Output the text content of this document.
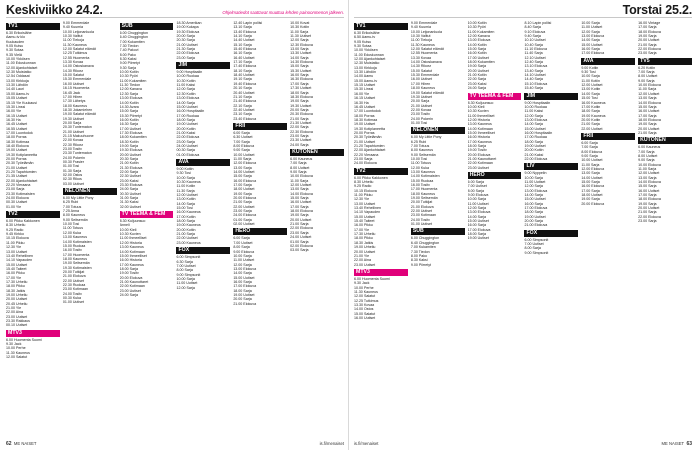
Keskiviikko 24.2.	Ohjelmatiedot saattavat muuttua lehden painoonmenon jälkeen.
TV1
6.30 Erikoislähe
Aamu-tv klo
Kuukauden
9.05 Kutsu
9.30 Sotaa
9.35 Vielä
10.00 Ykkösen
11.00 Eduskunnan
12.00 Ajankohtaiset
12.30 Muistatko
12.54 Oddasat
13.00 Kirkkoja
13.30 Lähdön
14.40 Lauri
15.00 Aamu-tv
15.05 Uutiset
15.15 Yle Kuukausi
15.30 Linssi
16.00 Yle
16.15 Uutiset
16.30 Ha
16.45 Uutiset
16.55 Uutiset
17.00 Luontodok
18.00 Porras
18.30 Kotimaa
18.40 Elokuva
19.00 Uutiset
19.30 Kotiplaneetta
20.00 Porras
20.30 Työelämän
21.00 Uutiset
21.20 Tapahtumien
21.35 Uutiset
22.00 Ajankohtaiset
22.20 Vieraana
23.00 Sarja
23.30 Kotimaisten
24.00 Elokuva
00.30 Uutiset
01.00 Yle
TV2
6.00 Pikku Kakkonen
8.30 Urheilu
9.25 Radio
9.45 Kirkko
10.15 Elokuva
11.00 Pikku
12.30 Yle
13.00 Uutiset
13.40 Rehellinen
14.10 Vapauden
15.00 Uutiset
15.40 Taiteet
16.00 Pikku
17.00 Yle
17.30 Urheilu
18.00 Pikku
18.30 Jatkis
19.00 Urheilu
20.00 Uutiset
20.45 Urheilu
21.00 Yle
22.00 Aina
23.00 Uutiset
23.30 Rakkaus
00.10 Uutiset
MTV3
6.00 Huomenta Suomi
9.30 Jack
10.00 Perhe
11.30 Kauneus
12.00 Salatut
9.00 Emmerdale
9.40 Kuumia
10.00 Leijonanluola
10.30 Valitut
11.00 Tiekoja
11.30 Kauneus
12.00 Salatut elämät
12.25 Tutkimus
12.55 Huomenta
13.30 Kovaa
14.00 Ostoskanava
14.30 Rikosr
15.00 Salatut
15.30 Emmerdale
16.00 Uutiset
16.15 Huomenta
16.45 Jack
17.00 Hiiren
17.30 Lähetys
18.00 Kauneus
18.30 Jokamiehen
19.00 Salatut elämät
19.30 Uutiset
20.00 Sarja
20.30 Tuntematon
21.00 Uutiset
21.15 Makuuhuone
22.00 Kovaa
22.30 Rikosr
23.00 Tositv
23.30 Tuntematon
24.00 Pokerin
00.30 Frasier
01.00 Tosi
01.30 Sarja
02.00 Ostos
02.30 Rikos
03.00 Uutiset
NELONEN
6.00 My Little Pony
6.25 Rubi
7.00 Totuus
7.25 Anna
8.00 Kauneus
9.00 Seitsemän
10.00 Tosi
11.00 Totuus
12.00 Kuka
13.00 Kauneus
14.00 Kotimaisten
15.00 Ruokaa
16.00 Tositv
17.00 Huomenta
18.00 Kauneus
19.00 Seitsemän
19.30 Kotimaisten
20.00 Tutkijat
21.00 Elokuva
22.00 Uutiset
22.30 Ruokaa
23.00 Kotimaan
24.00 Tositv
00.30 Kuka
01.00 Uutiset
SUB
6.00 Chuggington
6.40 Chuggington
7.00 Kukamiten
7.30 Tiedon
7.40 Pakovi
8.00 Pako
8.30 Kaksi
9.00 Piirretyt
9.30 Sarja
10.00 Kotiin
10.30 Pyöri
11.00 Kukamiten
11.30 Tiedon
12.00 Kanava
12.30 Sarja
13.00 Elokuva
14.00 Kotiin
14.30 Avara
15.00 Sarja
15.30 Piirretyt
16.00 Kotiin
16.30 Sarja
17.00 Uutiset
17.30 Elokuva
18.00 Kukamiten
18.30 Kotiin
19.00 Sarja
19.30 Elokuva
20.00 Uutiset
20.30 Sarja
21.00 Kotiin
21.30 Elokuva
22.00 Sarja
22.30 Uutiset
23.00 Kaksi
23.30 Elokuva
24.00 Sarja
00.30 Uutiset
01.00 Sarja
01.30 Kaksi
02.00 Uutiset
TV TEEMA & FEM
8.30 Kuljuunsuo
Anneli
10.00 Kieli
10.30 Kuvien
11.00 Ihmeelliset
12.00 Historia
13.00 Kauneus
14.00 Kotimaan
15.00 Ihmeelliset
16.00 Historia
17.00 Kauneus
18.00 Sarja
19.00 Tositv
20.00 Elokuva
21.00 Kaunottaret
22.00 Kotimaan
23.00 Uutiset
24.00 Sarja
18.30 Amerikan
19.00 Kukapa
19.30 Elokuva
20.00 Sarja
20.30 Sarja
21.00 Uutiset
21.30 Sarja
22.00 Elokuva
23.00 Sarja
JIM
9.00 Hospitaalin
10.00 Ruokaa
10.30 Kotiin
11.00 Kaksi
12.00 Sarja
12.30 Kotiin
13.00 Elokuva
14.00 Sarja
15.00 Uutiset
16.00 Hospitaalin
17.00 Ruokaa
18.00 Sarja
19.00 Uutiset
20.00 Kotiin
21.00 Kaksi
22.00 Elokuva
23.00 Sarja
24.00 Uutiset
00.30 Sarja
01.00 Elokuva
AVA
9.00 Kotiin
9.30 Tosi
10.00 Sarja
10.30 Kauneus
11.00 Kotiin
11.30 Sarja
12.00 Uutiset
13.00 Kotiin
14.00 Sarja
15.00 Tosi
16.00 Kauneus
17.00 Kotiin
18.00 Sarja
19.00 Kauneus
20.00 Kotiin
21.00 Sarja
22.00 Uutiset
23.00 Kauneus
FOX
6.00 Simpsonit
6.30 Sarja
7.00 Uutiset
8.00 Sarja
9.00 Simpsonit
10.00 Sarja
11.00 Uutiset
12.00 Sarja
12.40 Lapin poliisi
13.10 Sarja
13.40 Elokuva
14.10 Sarja
14.40 Uutiset
15.10 Sarja
15.40 Elokuva
16.10 Sarja
16.40 Uutiset
17.10 Sarja
17.40 Elokuva
18.10 Sarja
18.40 Uutiset
19.10 Sarja
19.40 Elokuva
20.10 Sarja
20.40 Uutiset
21.10 Sarja
21.40 Elokuva
22.10 Sarja
22.40 Uutiset
23.10 Sarja
23.40 Elokuva
FRII
6.00 Sarja
6.30 Uutiset
7.00 Sarja
8.00 Elokuva
9.00 Sarja
10.00 Uutiset
11.00 Sarja
12.00 Elokuva
13.00 Sarja
14.00 Uutiset
15.00 Sarja
16.00 Elokuva
17.00 Sarja
18.00 Uutiset
19.00 Sarja
20.00 Elokuva
21.00 Sarja
22.00 Uutiset
23.00 Sarja
24.00 Elokuva
01.00 Sarja
02.00 Uutiset
HERO
6.00 Sarja
7.00 Uutiset
8.00 Sarja
9.00 Elokuva
10.00 Sarja
11.00 Uutiset
12.00 Sarja
13.00 Elokuva
14.00 Sarja
15.00 Uutiset
16.00 Sarja
17.00 Elokuva
18.00 Sarja
19.00 Uutiset
20.00 Sarja
21.00 Elokuva
10.00 Kovat
10.30 Kotiin
11.00 Sarja
11.30 Uutiset
12.00 Sarja
12.30 Elokuva
13.00 Sarja
13.30 Uutiset
14.00 Sarja
14.30 Elokuva
15.00 Sarja
15.30 Uutiset
16.00 Sarja
16.30 Elokuva
17.00 Sarja
17.30 Uutiset
18.00 Sarja
18.30 Elokuva
19.00 Sarja
19.30 Uutiset
20.00 Sarja
20.30 Elokuva
21.00 Sarja
21.30 Uutiset
22.00 Sarja
22.30 Elokuva
23.00 Sarja
23.30 Uutiset
24.00 Sarja
KUTONEN
6.00 Kauneus
7.00 Sarja
8.00 Uutiset
9.00 Sarja
10.00 Elokuva
11.00 Sarja
12.00 Uutiset
13.00 Sarja
14.00 Elokuva
15.00 Sarja
16.00 Uutiset
17.00 Sarja
18.00 Elokuva
19.00 Sarja
20.00 Uutiset
21.00 Sarja
22.00 Elokuva
23.00 Sarja
24.00 Uutiset
01.00 Sarja
02.00 Elokuva
03.00 Sarja
62 ME NAISET	is.fi/menaiset
Torstai 25.2.
TV1
6.30 Erikoislähe
6.50 Aamu-tv
9.05 Kutsu
9.30 Sotaa
10.00 Ykkösen
11.00 Eduskunnan
12.00 Ajankohtaiset
12.30 Muistatko
13.00 Kirkkoja
13.30 Lähdön
14.00 Aamu
15.00 Aamu-tv
15.15 Uutiset
15.30 Linssi
16.00 Yle
16.15 Uutiset
16.30 Ha
16.45 Uutiset
17.00 Luontodok
18.00 Porras
18.30 Kotimaa
19.00 Uutiset
19.30 Kotiplaneetta
20.00 Porras
20.30 Työelämän
21.00 Uutiset
21.20 Tapahtumien
22.00 Ajankohtaiset
22.20 Vieraana
23.00 Sarja
24.00 Elokuva
TV2
6.00 Pikku Kakkonen
8.30 Urheilu
9.25 Radio
10.15 Elokuva
11.00 Pikku
12.30 Yle
13.00 Uutiset
13.40 Rehellinen
14.10 Vapauden
15.00 Uutiset
15.40 Taiteet
16.00 Pikku
17.00 Yle
17.30 Urheilu
18.00 Pikku
18.30 Jatkis
19.00 Urheilu
20.00 Uutiset
21.00 Yle
22.00 Aina
23.00 Uutiset
MTV3
6.00 Huomenta Suomi
9.30 Jack
10.00 Perhe
11.30 Kauneus
12.00 Salatut
12.25 Tutkimus
13.30 Kovaa
14.00 Ostos
15.00 Salatut
16.00 Uutiset
9.00 Emmerdale
9.40 Kuumia
10.00 Leijonanluola
10.30 Valitut
11.00 Tiekoja
11.30 Kauneus
12.00 Salatut elämät
12.55 Huomenta
13.30 Kovaa
14.00 Ostoskanava
14.30 Rikosr
15.00 Salatut
15.30 Emmerdale
16.00 Uutiset
17.00 Hiiren
18.00 Kauneus
19.00 Salatut elämät
19.30 Uutiset
20.00 Sarja
21.00 Uutiset
22.00 Kovaa
23.00 Tositv
24.00 Pokerin
01.00 Tosi
NELONEN
6.00 My Little Pony
6.25 Rubi
7.00 Totuus
8.00 Kauneus
9.00 Seitsemän
10.00 Tosi
11.00 Totuus
12.00 Kuka
13.00 Kauneus
14.00 Kotimaisten
15.00 Ruokaa
16.00 Tositv
17.00 Huomenta
18.00 Kauneus
19.00 Seitsemän
20.00 Tutkijat
21.00 Elokuva
22.00 Uutiset
23.00 Kotimaan
24.00 Tositv
01.00 Uutiset
SUB
6.00 Chuggington
6.40 Chuggington
7.00 Kukamiten
7.30 Tiedon
8.00 Pako
8.30 Kaksi
9.00 Piirretyt
10.00 Kotiin
10.30 Pyöri
11.00 Kukamiten
12.00 Kanava
13.00 Elokuva
14.00 Kotiin
15.00 Sarja
16.00 Kotiin
17.00 Uutiset
18.00 Kukamiten
19.00 Sarja
20.00 Uutiset
21.00 Kotiin
22.00 Sarja
23.00 Kaksi
24.00 Sarja
TV TEEMA & FEM
8.30 Kuljuunsuo
10.00 Kieli
10.30 Kuvien
11.00 Ihmeelliset
12.00 Historia
13.00 Kauneus
14.00 Kotimaan
15.00 Ihmeelliset
16.00 Historia
17.00 Kauneus
18.00 Sarja
19.00 Tositv
20.00 Elokuva
21.00 Kaunottaret
22.00 Kotimaan
23.00 Uutiset
HERO
6.00 Sarja
7.00 Uutiset
8.00 Sarja
9.00 Elokuva
10.00 Sarja
11.00 Uutiset
12.00 Sarja
13.00 Elokuva
14.00 Sarja
15.00 Uutiset
16.00 Sarja
17.00 Elokuva
18.00 Sarja
19.00 Uutiset
8.10 Lapin poliisi
8.40 Sarja
9.10 Elokuva
9.40 Sarja
10.10 Uutiset
10.40 Sarja
11.10 Elokuva
11.40 Sarja
12.10 Uutiset
12.40 Sarja
13.10 Elokuva
13.40 Sarja
14.10 Uutiset
14.40 Sarja
15.10 Elokuva
15.40 Sarja
JIM
9.00 Hospitaalin
10.00 Ruokaa
11.00 Kaksi
12.00 Sarja
13.00 Elokuva
14.00 Sarja
15.00 Uutiset
16.00 Hospitaalin
17.00 Ruokaa
18.00 Sarja
19.00 Uutiset
20.00 Kotiin
21.00 Kaksi
22.00 Elokuva
LIV
9.00 Nyppelin
10.00 Sarja
11.00 Uutiset
12.00 Sarja
13.00 Elokuva
14.00 Sarja
15.00 Uutiset
16.00 Sarja
17.00 Elokuva
18.00 Sarja
19.00 Uutiset
20.00 Sarja
21.00 Elokuva
FOX
6.00 Simpsonit
7.00 Uutiset
8.00 Sarja
9.00 Simpsonit
10.00 Sarja
11.00 Uutiset
12.00 Sarja
13.00 Elokuva
14.00 Sarja
15.00 Uutiset
16.00 Sarja
17.00 Elokuva
AVA
9.00 Kotiin
9.30 Tosi
10.00 Sarja
11.00 Kotiin
12.00 Uutiset
13.00 Kotiin
14.00 Sarja
15.00 Tosi
16.00 Kauneus
17.00 Kotiin
18.00 Sarja
19.00 Kauneus
20.00 Kotiin
21.00 Sarja
22.00 Uutiset
FRII
6.00 Sarja
7.00 Sarja
8.00 Elokuva
9.00 Sarja
10.00 Uutiset
11.00 Sarja
12.00 Elokuva
13.00 Sarja
14.00 Uutiset
15.00 Sarja
16.00 Elokuva
17.00 Sarja
18.00 Uutiset
19.00 Sarja
20.00 Elokuva
16.00 Vintage
17.00 Sarja
18.00 Elokuva
19.00 Sarja
20.00 Uutiset
21.00 Sarja
22.00 Elokuva
23.00 Sarja
TV5
6.20 Kotiin
7.00 Sarja
8.00 Uutiset
9.00 Sarja
10.00 Elokuva
11.00 Sarja
12.00 Uutiset
13.00 Sarja
14.00 Elokuva
15.00 Sarja
16.00 Uutiset
17.00 Sarja
18.00 Elokuva
19.00 Sarja
20.00 Uutiset
21.00 Sarja
KUTONEN
6.00 Kauneus
7.00 Sarja
8.00 Uutiset
9.00 Sarja
10.00 Elokuva
11.00 Sarja
12.00 Uutiset
13.00 Sarja
14.00 Elokuva
15.00 Sarja
16.00 Uutiset
17.00 Sarja
18.00 Elokuva
19.00 Sarja
20.00 Uutiset
21.00 Sarja
22.00 Elokuva
23.00 Sarja
is.fi/menaiset	ME NAISET 63
